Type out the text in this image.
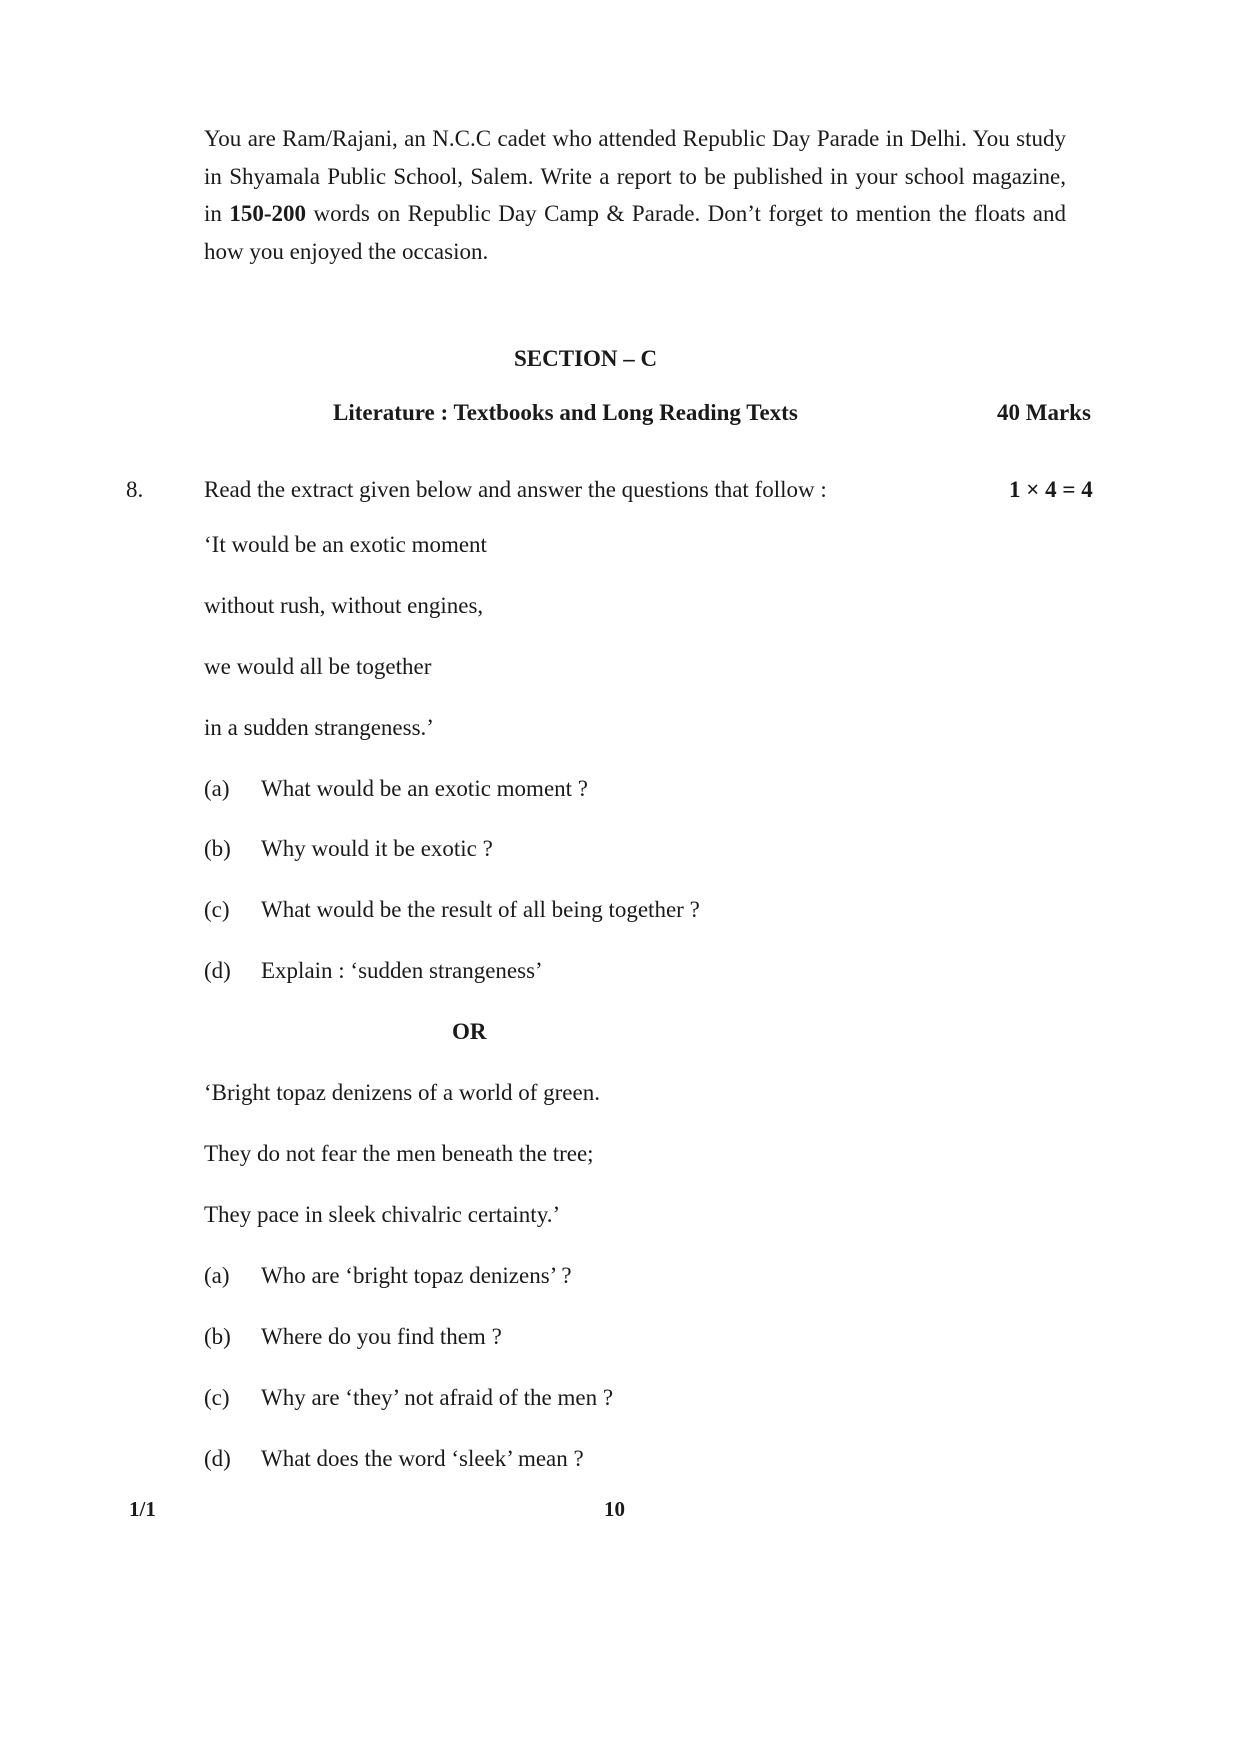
You are Ram/Rajani, an N.C.C cadet who attended Republic Day Parade in Delhi. You study in Shyamala Public School, Salem. Write a report to be published in your school magazine, in 150-200 words on Republic Day Camp & Parade. Don’t forget to mention the floats and how you enjoyed the occasion.
SECTION – C
Literature : Textbooks and Long Reading Texts	40 Marks
8.	Read the extract given below and answer the questions that follow :	1 × 4 = 4
‘It would be an exotic moment
without rush, without engines,
we would all be together
in a sudden strangeness.’
(a) What would be an exotic moment ?
(b) Why would it be exotic ?
(c) What would be the result of all being together ?
(d) Explain : ‘sudden strangeness’
OR
‘Bright topaz denizens of a world of green.
They do not fear the men beneath the tree;
They pace in sleek chivalric certainty.’
(a) Who are ‘bright topaz denizens’ ?
(b) Where do you find them ?
(c) Why are ‘they’ not afraid of the men ?
(d) What does the word ‘sleek’ mean ?
1/1	10
